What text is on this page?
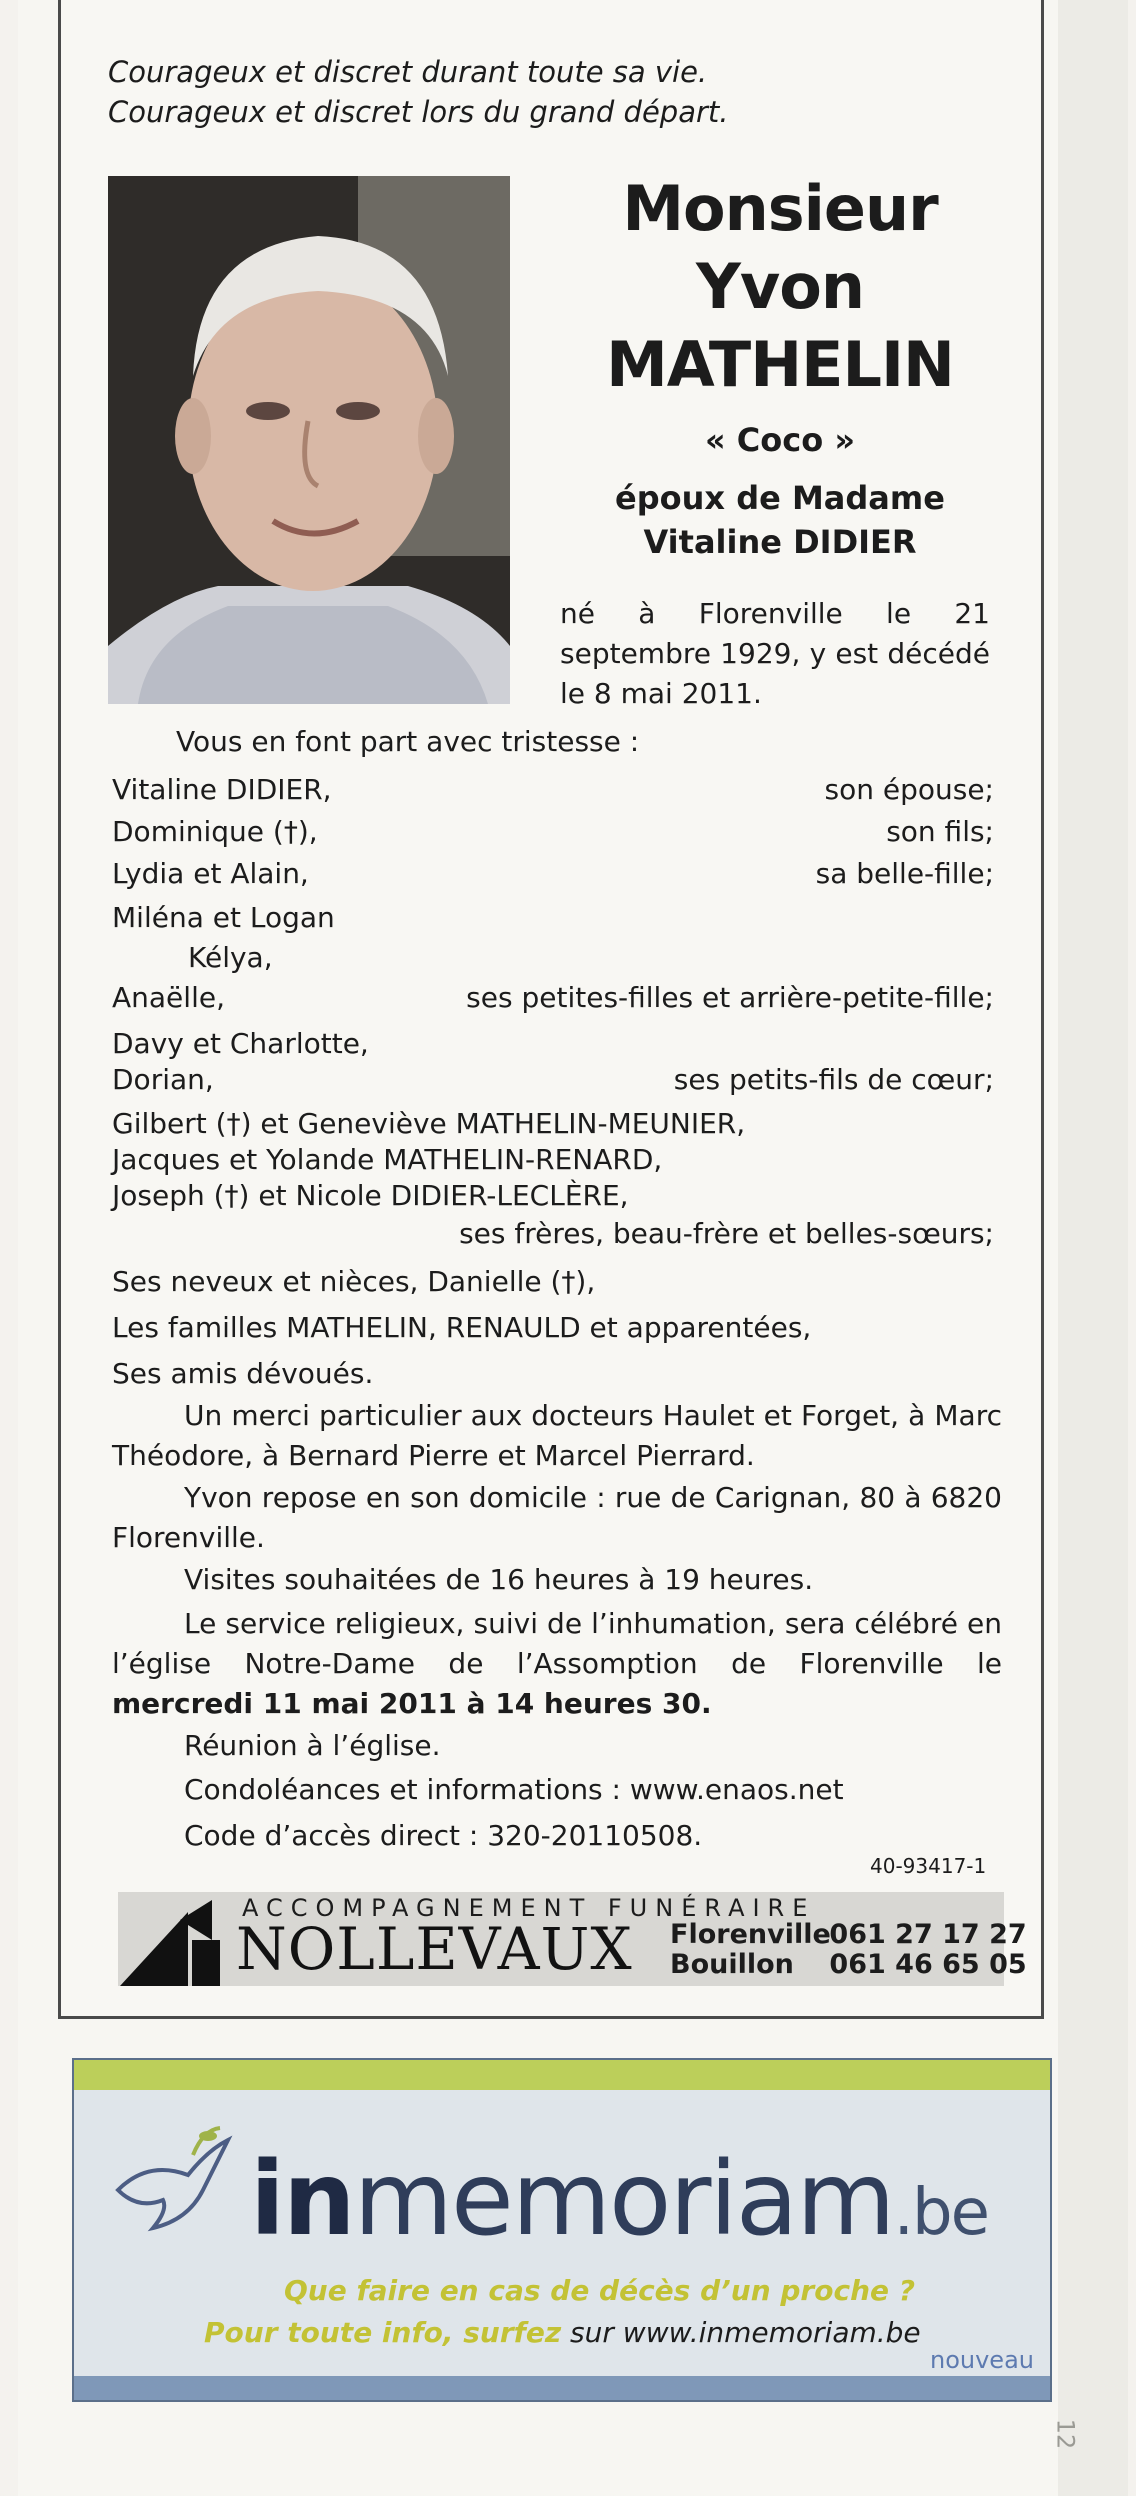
Courageux et discret durant toute sa vie.
Courageux et discret lors du grand départ.
Monsieur
Yvon
MATHELIN
« Coco »
époux de Madame
Vitaline DIDIER
né à Florenville le 21 septembre 1929, y est décédé le 8 mai 2011.
Vous en font part avec tristesse :
Vitaline DIDIER,	son épouse;
Dominique (†),	son fils;
Lydia et Alain,	sa belle-fille;
Miléna et Logan
Kélya,
Anaëlle,	ses petites-filles et arrière-petite-fille;
Davy et Charlotte,
Dorian,	ses petits-fils de cœur;
Gilbert (†) et Geneviève MATHELIN-MEUNIER,
Jacques et Yolande MATHELIN-RENARD,
Joseph (†) et Nicole DIDIER-LECLÈRE,
ses frères, beau-frère et belles-sœurs;
Ses neveux et nièces, Danielle (†),
Les familles MATHELIN, RENAULD et apparentées,
Ses amis dévoués.
Un merci particulier aux docteurs Haulet et Forget, à Marc Théodore, à Bernard Pierre et Marcel Pierrard.
Yvon repose en son domicile : rue de Carignan, 80 à 6820 Florenville.
Visites souhaitées de 16 heures à 19 heures.
Le service religieux, suivi de l’inhumation, sera célébré en l’église Notre-Dame de l’Assomption de Florenville le mercredi 11 mai 2011 à 14 heures 30.
Réunion à l’église.
Condoléances et informations : www.enaos.net
Code d’accès direct : 320-20110508.
40-93417-1
ACCOMPAGNEMENT FUNÉRAIRE
NOLLEVAUX Florenville 061 27 17 27
Bouillon 061 46 65 05
inmemoriam.be
Que faire en cas de décès d’un proche ?
Pour toute info, surfez sur www.inmemoriam.be
nouveau
12
